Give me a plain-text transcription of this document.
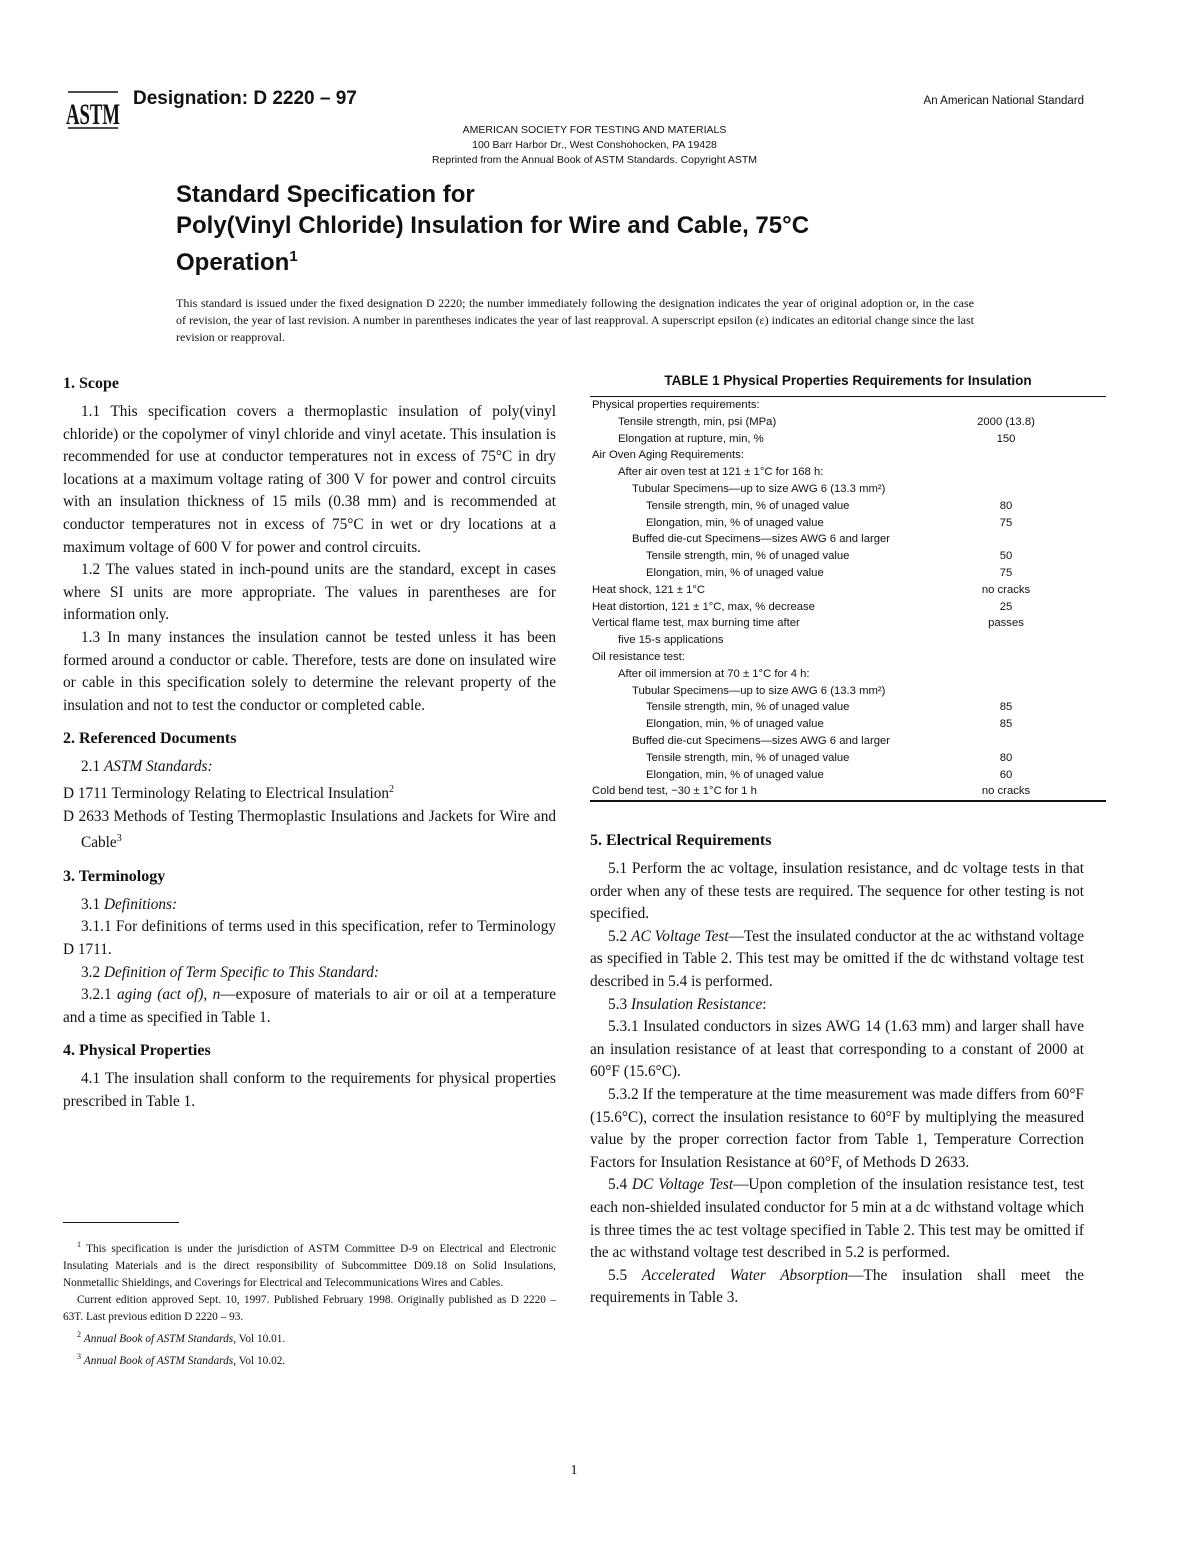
ASTM Designation: D 2220 – 97	An American National Standard
AMERICAN SOCIETY FOR TESTING AND MATERIALS
100 Barr Harbor Dr., West Conshohocken, PA 19428
Reprinted from the Annual Book of ASTM Standards. Copyright ASTM
Standard Specification for
Poly(Vinyl Chloride) Insulation for Wire and Cable, 75°C
Operation$^1$
This standard is issued under the fixed designation D 2220; the number immediately following the designation indicates the year of original adoption or, in the case of revision, the year of last revision. A number in parentheses indicates the year of last reapproval. A superscript epsilon (ε) indicates an editorial change since the last revision or reapproval.
1. Scope

1.1 This specification covers a thermoplastic insulation of poly(vinyl chloride) or the copolymer of vinyl chloride and vinyl acetate. This insulation is recommended for use at conductor temperatures not in excess of 75°C in dry locations at a maximum voltage rating of 300 V for power and control circuits with an insulation thickness of 15 mils (0.38 mm) and is recommended at conductor temperatures not in excess of 75°C in wet or dry locations at a maximum voltage of 600 V for power and control circuits.

1.2 The values stated in inch-pound units are the standard, except in cases where SI units are more appropriate. The values in parentheses are for information only.

1.3 In many instances the insulation cannot be tested unless it has been formed around a conductor or cable. Therefore, tests are done on insulated wire or cable in this specification solely to determine the relevant property of the insulation and not to test the conductor or completed cable.

2. Referenced Documents

2.1 ASTM Standards:

D 1711 Terminology Relating to Electrical Insulation$^2$

D 2633 Methods of Testing Thermoplastic Insulations and Jackets for Wire and Cable$^3$

3. Terminology

3.1 Definitions:

3.1.1 For definitions of terms used in this specification, refer to Terminology D 1711.

3.2 Definition of Term Specific to This Standard:

3.2.1 aging (act of), n—exposure of materials to air or oil at a temperature and a time as specified in Table 1.

4. Physical Properties

4.1 The insulation shall conform to the requirements for physical properties prescribed in Table 1.

TABLE 1 Physical Properties Requirements for Insulation
Physical properties requirements:
Tensile strength, min, psi (MPa)	2000 (13.8)
Elongation at rupture, min, %	150
Air Oven Aging Requirements:
After air oven test at 121 ± 1°C for 168 h:
Tubular Specimens—up to size AWG 6 (13.3 mm²)
Tensile strength, min, % of unaged value	80
Elongation, min, % of unaged value	75
Buffed die-cut Specimens—sizes AWG 6 and larger
Tensile strength, min, % of unaged value	50
Elongation, min, % of unaged value	75
Heat shock, 121 ± 1°C	no cracks
Heat distortion, 121 ± 1°C, max, % decrease	25
Vertical flame test, max burning time after	passes
five 15-s applications
Oil resistance test:
After oil immersion at 70 ± 1°C for 4 h:
Tubular Specimens—up to size AWG 6 (13.3 mm²)
Tensile strength, min, % of unaged value	85
Elongation, min, % of unaged value	85
Buffed die-cut Specimens—sizes AWG 6 and larger
Tensile strength, min, % of unaged value	80
Elongation, min, % of unaged value	60
Cold bend test, −30 ± 1°C for 1 h	no cracks
5. Electrical Requirements

5.1 Perform the ac voltage, insulation resistance, and dc voltage tests in that order when any of these tests are required. The sequence for other testing is not specified.

5.2 AC Voltage Test—Test the insulated conductor at the ac withstand voltage as specified in Table 2. This test may be omitted if the dc withstand voltage test described in 5.4 is performed.

5.3 Insulation Resistance:

5.3.1 Insulated conductors in sizes AWG 14 (1.63 mm) and larger shall have an insulation resistance of at least that corresponding to a constant of 2000 at 60°F (15.6°C).

5.3.2 If the temperature at the time measurement was made differs from 60°F (15.6°C), correct the insulation resistance to 60°F by multiplying the measured value by the proper correction factor from Table 1, Temperature Correction Factors for Insulation Resistance at 60°F, of Methods D 2633.

5.4 DC Voltage Test—Upon completion of the insulation resistance test, test each non-shielded insulated conductor for 5 min at a dc withstand voltage which is three times the ac test voltage specified in Table 2. This test may be omitted if the ac withstand voltage test described in 5.2 is performed.

5.5 Accelerated Water Absorption—The insulation shall meet the requirements in Table 3.

$^1$ This specification is under the jurisdiction of ASTM Committee D-9 on Electrical and Electronic Insulating Materials and is the direct responsibility of Subcommittee D09.18 on Solid Insulations, Nonmetallic Shieldings, and Coverings for Electrical and Telecommunications Wires and Cables.

Current edition approved Sept. 10, 1997. Published February 1998. Originally published as D 2220 – 63T. Last previous edition D 2220 – 93.

$^2$ Annual Book of ASTM Standards, Vol 10.01.

$^3$ Annual Book of ASTM Standards, Vol 10.02.

1
